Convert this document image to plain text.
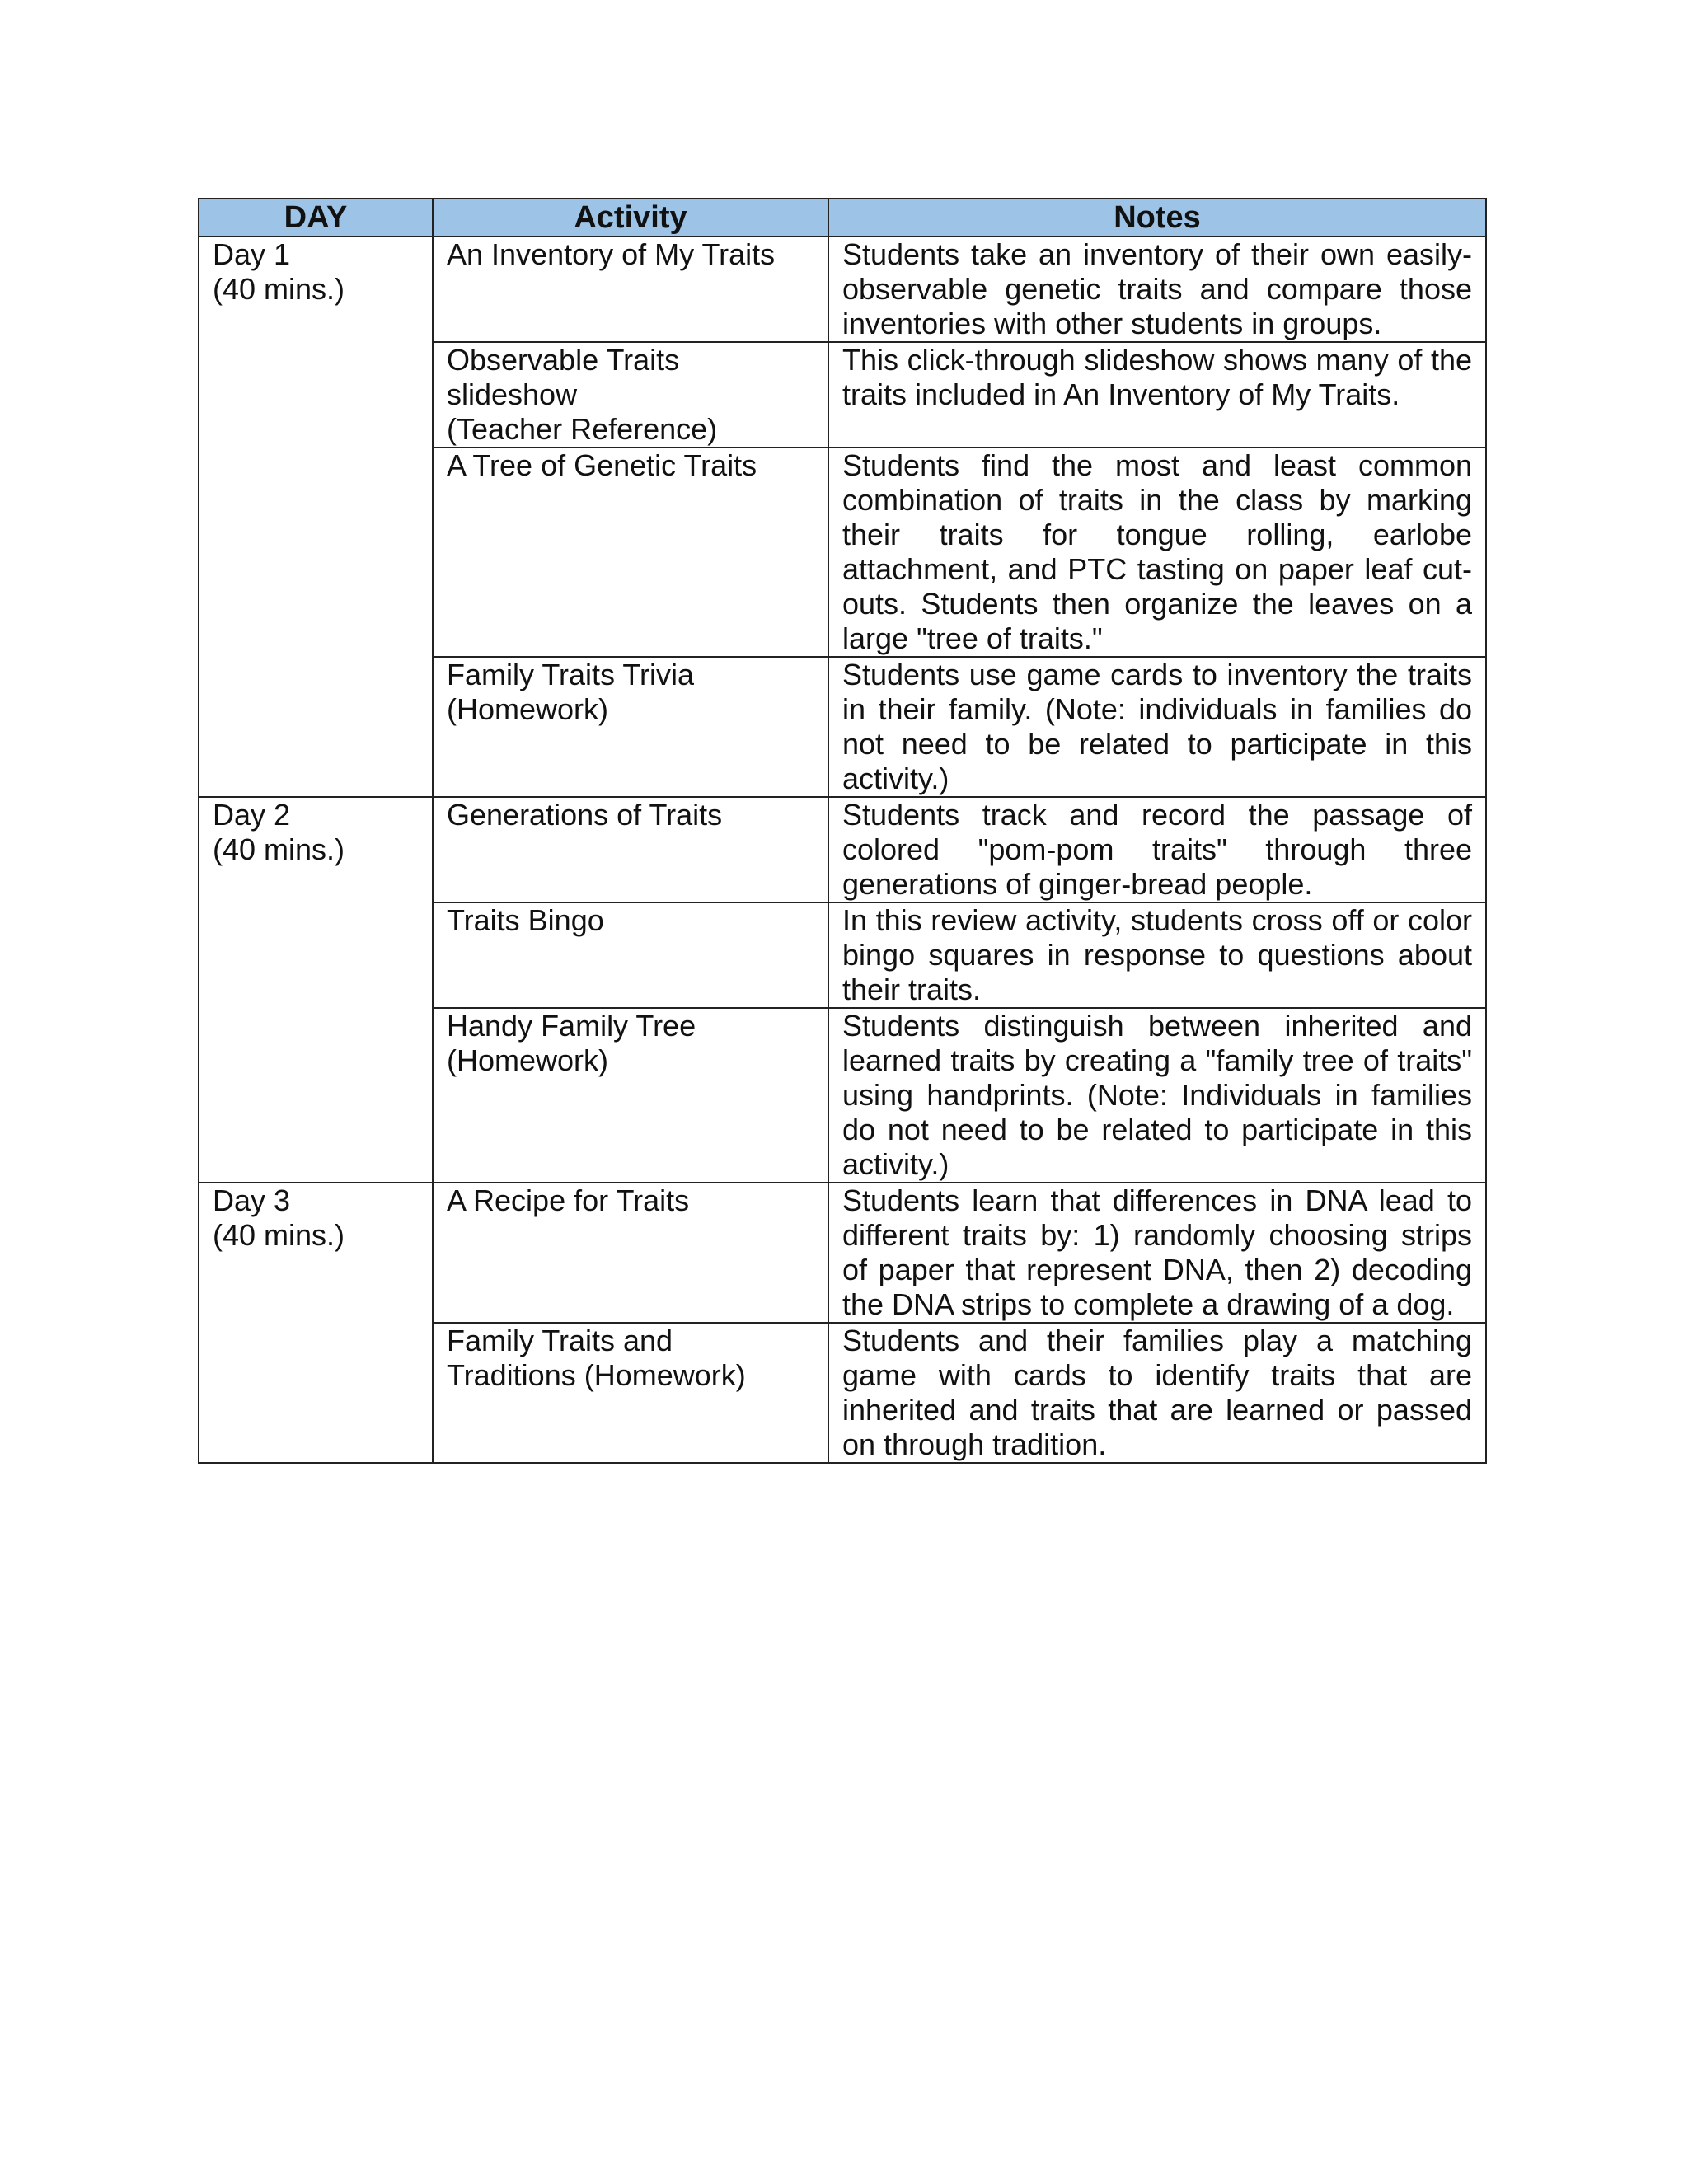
DAY	Activity	Notes

Day 1
(40 mins.)	An Inventory of My Traits	Students take an inventory of their own easily-observable genetic traits and compare those inventories with other students in groups.

	Observable Traits
slideshow
(Teacher Reference)	This click-through slideshow shows many of the traits included in An Inventory of My Traits.

	A Tree of Genetic Traits	Students find the most and least common combination of traits in the class by marking their traits for tongue rolling, earlobe attachment, and PTC tasting on paper leaf cut-outs. Students then organize the leaves on a large "tree of traits."

	Family Traits Trivia
(Homework)	Students use game cards to inventory the traits in their family. (Note: individuals in families do not need to be related to participate in this activity.)

Day 2
(40 mins.)	Generations of Traits	Students track and record the passage of colored "pom-pom traits" through three generations of ginger-bread people.

	Traits Bingo	In this review activity, students cross off or color bingo squares in response to questions about their traits.

	Handy Family Tree
(Homework)	Students distinguish between inherited and learned traits by creating a "family tree of traits" using handprints. (Note: Individuals in families do not need to be related to participate in this activity.)

Day 3
(40 mins.)	A Recipe for Traits	Students learn that differences in DNA lead to different traits by: 1) randomly choosing strips of paper that represent DNA, then 2) decoding the DNA strips to complete a drawing of a dog.

	Family Traits and
Traditions (Homework)	Students and their families play a matching game with cards to identify traits that are inherited and traits that are learned or passed on through tradition.
